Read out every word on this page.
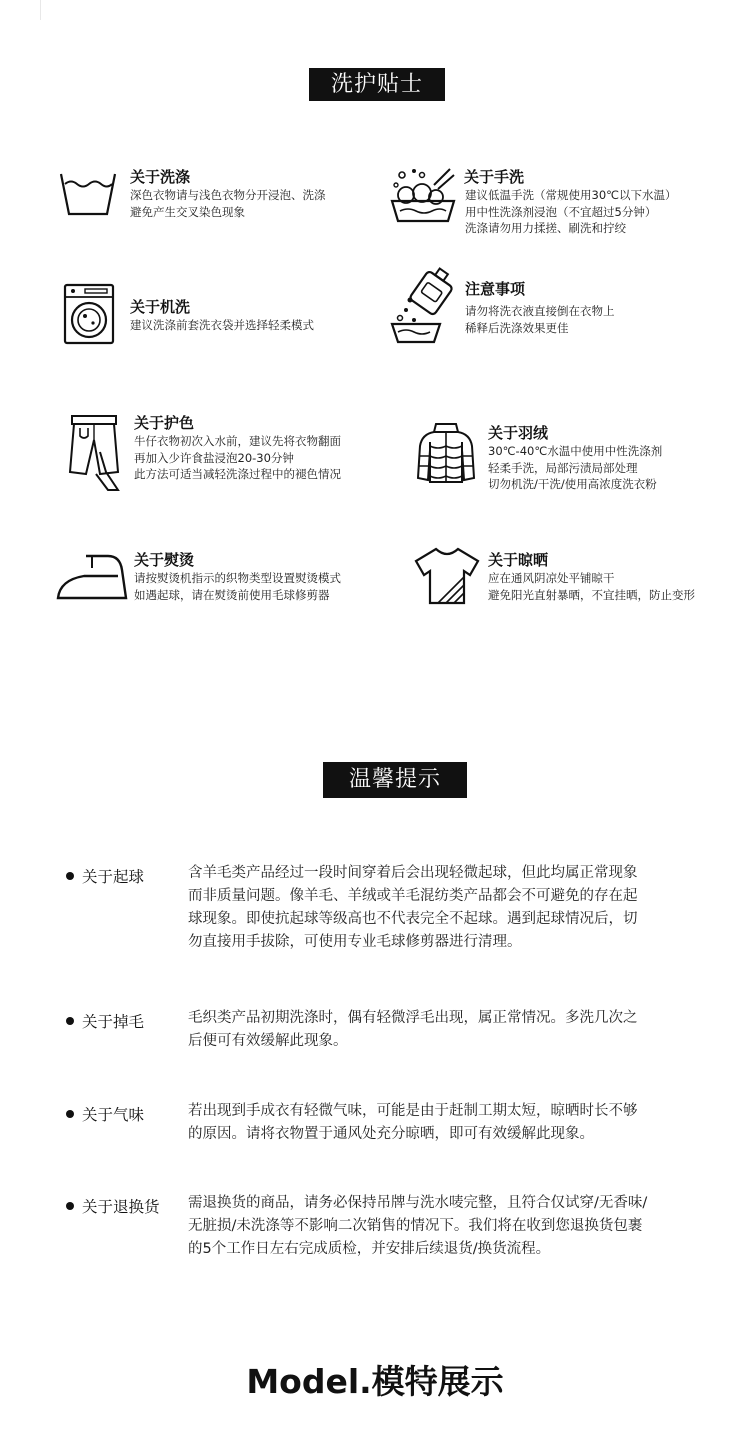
洗护贴士
关于洗涤
深色衣物请与浅色衣物分开浸泡、洗涤
避免产生交叉染色现象
关于手洗
建议低温手洗（常规使用30℃以下水温）
用中性洗涤剂浸泡（不宜超过5分钟）
洗涤请勿用力揉搓、刷洗和拧绞
关于机洗
建议洗涤前套洗衣袋并选择轻柔模式
注意事项
请勿将洗衣液直接倒在衣物上
稀释后洗涤效果更佳
关于护色
牛仔衣物初次入水前，建议先将衣物翻面
再加入少许食盐浸泡20-30分钟
此方法可适当减轻洗涤过程中的褪色情况
关于羽绒
30℃-40℃水温中使用中性洗涤剂
轻柔手洗，局部污渍局部处理
切勿机洗/干洗/使用高浓度洗衣粉
关于熨烫
请按熨烫机指示的织物类型设置熨烫模式
如遇起球，请在熨烫前使用毛球修剪器
关于晾晒
应在通风阴凉处平铺晾干
避免阳光直射暴晒，不宜挂晒，防止变形
温馨提示
关于起球	含羊毛类产品经过一段时间穿着后会出现轻微起球，但此均属正常现象
而非质量问题。像羊毛、羊绒或羊毛混纺类产品都会不可避免的存在起
球现象。即使抗起球等级高也不代表完全不起球。遇到起球情况后，切
勿直接用手拔除，可使用专业毛球修剪器进行清理。
关于掉毛	毛织类产品初期洗涤时，偶有轻微浮毛出现，属正常情况。多洗几次之
后便可有效缓解此现象。
关于气味	若出现到手成衣有轻微气味，可能是由于赶制工期太短，晾晒时长不够
的原因。请将衣物置于通风处充分晾晒，即可有效缓解此现象。
关于退换货 需退换货的商品，请务必保持吊牌与洗水唛完整，且符合仅试穿/无香味/
无脏损/未洗涤等不影响二次销售的情况下。我们将在收到您退换货包裹
的5个工作日左右完成质检，并安排后续退货/换货流程。
Model.模特展示
